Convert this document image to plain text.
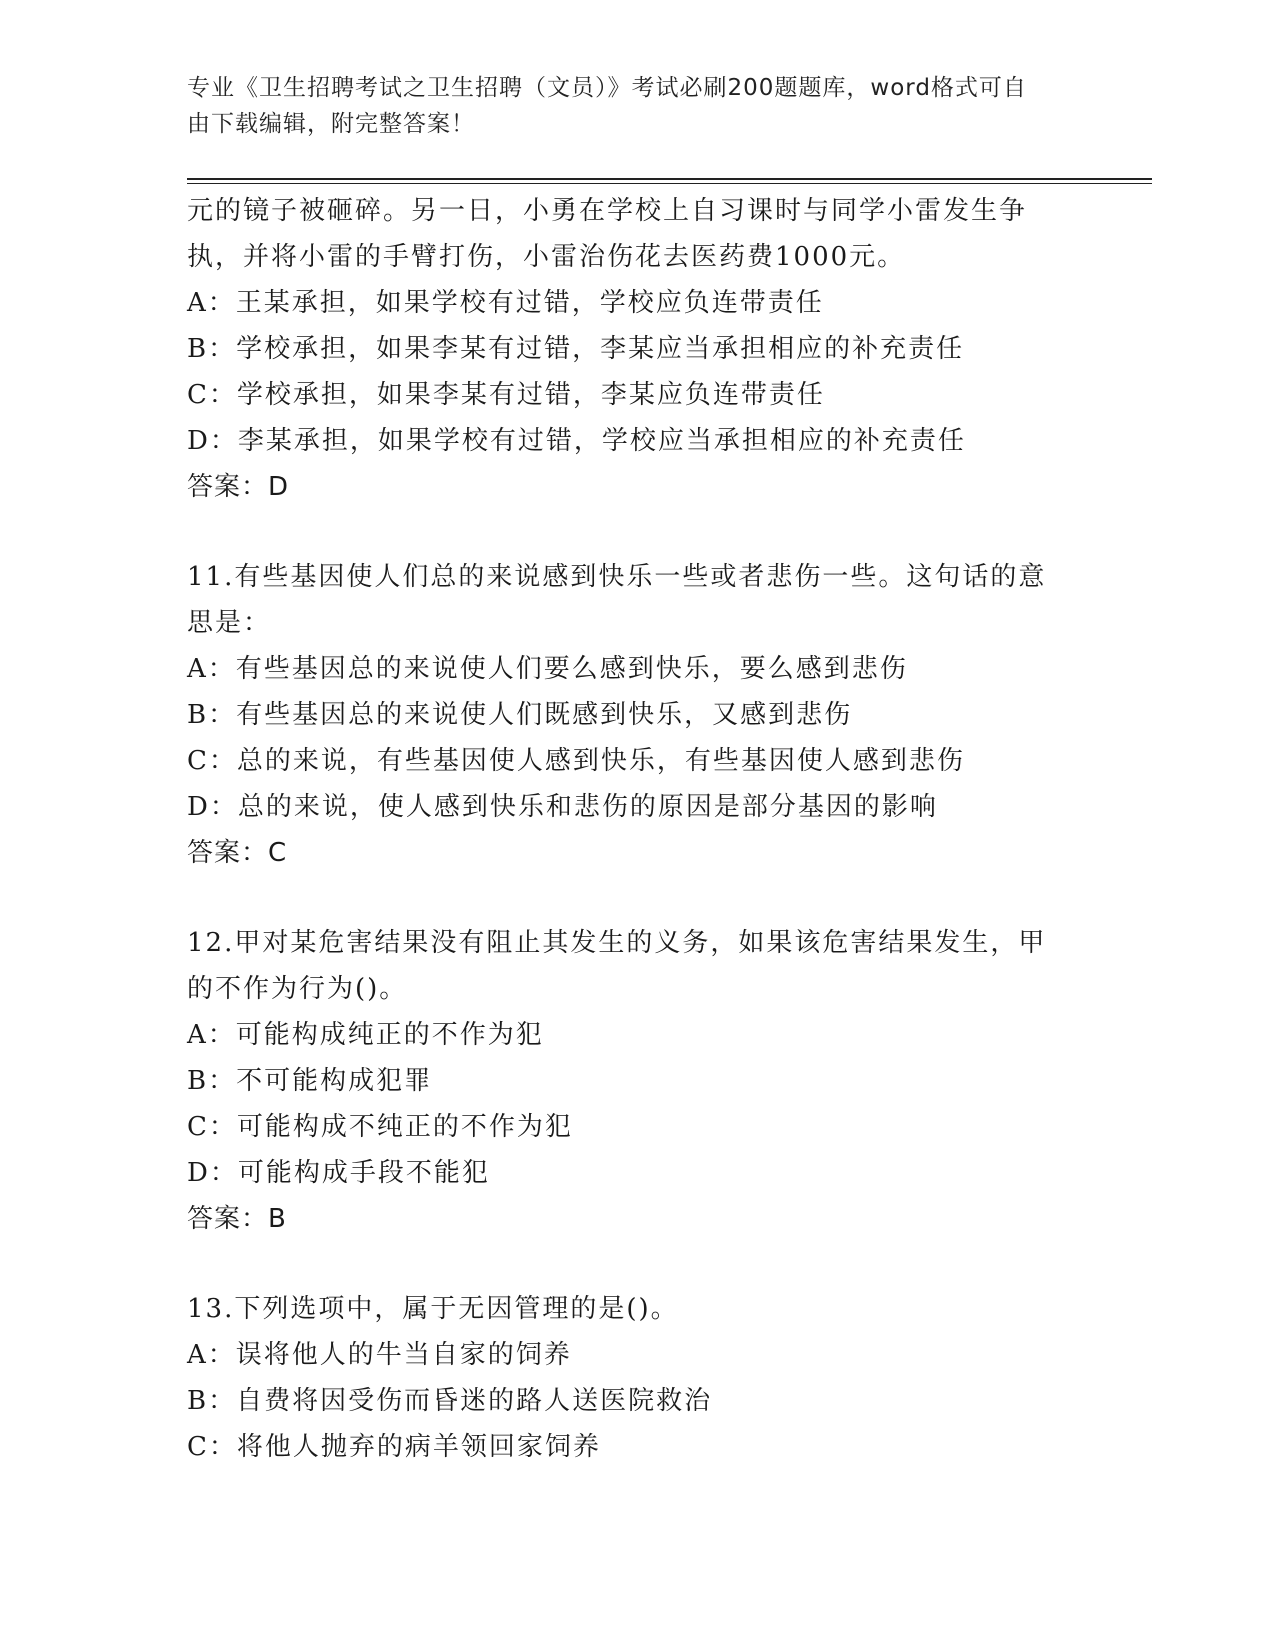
专业《卫生招聘考试之卫生招聘（文员）》考试必刷200题题库，word格式可自
由下载编辑，附完整答案！
元的镜子被砸碎。另一日，小勇在学校上自习课时与同学小雷发生争
执，并将小雷的手臂打伤，小雷治伤花去医药费1000元。
A：王某承担，如果学校有过错，学校应负连带责任
B：学校承担，如果李某有过错，李某应当承担相应的补充责任
C：学校承担，如果李某有过错，李某应负连带责任
D：李某承担，如果学校有过错，学校应当承担相应的补充责任
答案：D
11.有些基因使人们总的来说感到快乐一些或者悲伤一些。这句话的意
思是：
A：有些基因总的来说使人们要么感到快乐，要么感到悲伤
B：有些基因总的来说使人们既感到快乐，又感到悲伤
C：总的来说，有些基因使人感到快乐，有些基因使人感到悲伤
D：总的来说，使人感到快乐和悲伤的原因是部分基因的影响
答案：C
12.甲对某危害结果没有阻止其发生的义务，如果该危害结果发生，甲
的不作为行为()。
A：可能构成纯正的不作为犯
B：不可能构成犯罪
C：可能构成不纯正的不作为犯
D：可能构成手段不能犯
答案：B
13.下列选项中，属于无因管理的是()。
A：误将他人的牛当自家的饲养
B：自费将因受伤而昏迷的路人送医院救治
C：将他人抛弃的病羊领回家饲养
